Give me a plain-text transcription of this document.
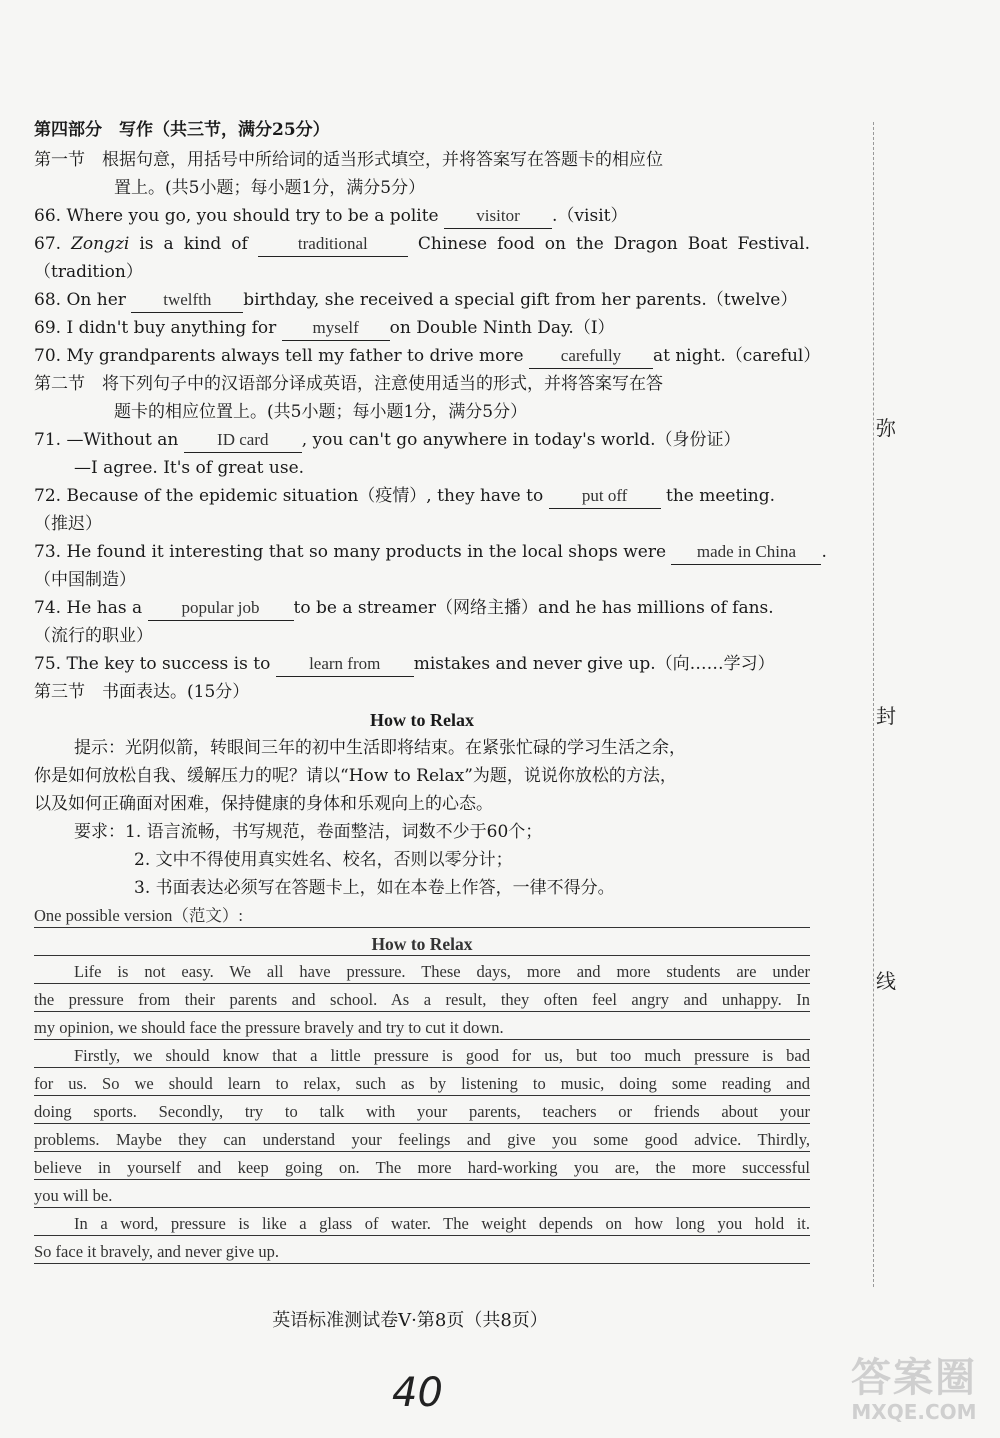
弥
封
线
第四部分　写作（共三节，满分25分）
第一节　根据句意，用括号中所给词的适当形式填空，并将答案写在答题卡的相应位
置上。(共5小题；每小题1分，满分5分）
66. Where you go, you should try to be a polite visitor .（visit）
67. Zongzi is a kind of	traditional	Chinese food on the Dragon Boat Festival.
（tradition）
68. On her twelfth birthday, she received a special gift from her parents.（twelve）
69. I didn't buy anything for myself on Double Ninth Day.（I）
70. My grandparents always tell my father to drive more carefully at night.（careful）
第二节　将下列句子中的汉语部分译成英语，注意使用适当的形式，并将答案写在答
题卡的相应位置上。(共5小题；每小题1分，满分5分）
71. —Without an ID card , you can't go anywhere in today's world.（身份证）
—I agree. It's of great use.
72. Because of the epidemic situation（疫情）, they have to put off the meeting.
（推迟）
73. He found it interesting that so many products in the local shops were made in China .
（中国制造）
74. He has a popular job to be a streamer（网络主播）and he has millions of fans.
（流行的职业）
75. The key to success is to learn from mistakes and never give up.（向……学习）
第三节　书面表达。(15分）
How to Relax
提示：光阴似箭，转眼间三年的初中生活即将结束。在紧张忙碌的学习生活之余，
你是如何放松自我、缓解压力的呢？请以“How to Relax”为题，说说你放松的方法，
以及如何正确面对困难，保持健康的身体和乐观向上的心态。
要求：1. 语言流畅，书写规范，卷面整洁，词数不少于60个；
2. 文中不得使用真实姓名、校名，否则以零分计；
3. 书面表达必须写在答题卡上，如在本卷上作答，一律不得分。
One possible version（范文）:
How to Relax
Life is not easy. We all have pressure. These days, more and more students are under
the pressure from their parents and school. As a result, they often feel angry and unhappy. In
my opinion, we should face the pressure bravely and try to cut it down.
Firstly, we should know that a little pressure is good for us, but too much pressure is bad
for us. So we should learn to relax, such as by listening to music, doing some reading and
doing sports. Secondly, try to talk with your parents, teachers or friends about your
problems. Maybe they can understand your feelings and give you some good advice. Thirdly,
believe in yourself and keep going on. The more hard-working you are, the more successful
you will be.
In a word, pressure is like a glass of water. The weight depends on how long you hold it.
So face it bravely, and never give up.
英语标准测试卷Ⅴ·第8页（共8页）
40	答案圈
MXQE.COM
